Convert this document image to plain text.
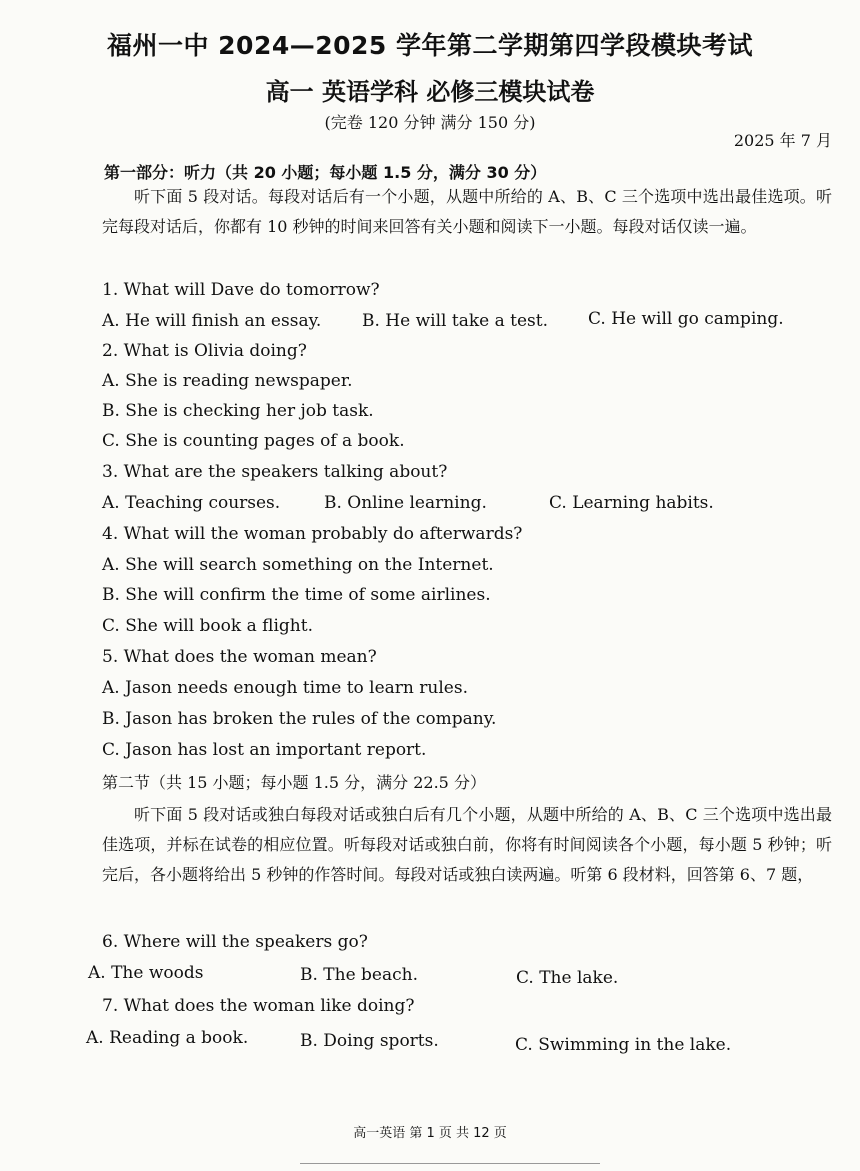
福州一中 2024—2025 学年第二学期第四学段模块考试
高一 英语学科 必修三模块试卷
(完卷 120 分钟 满分 150 分)
2025 年 7 月
第一部分：听力（共 20 小题；每小题 1.5 分，满分 30 分）
听下面 5 段对话。每段对话后有一个小题，从题中所给的 A、B、C 三个选项中选出最佳选项。听完每段对话后，你都有 10 秒钟的时间来回答有关小题和阅读下一小题。每段对话仅读一遍。
1. What will Dave do tomorrow?
A. He will finish an essay. B. He will take a test. C. He will go camping.
2. What is Olivia doing?
A. She is reading newspaper.
B. She is checking her job task.
C. She is counting pages of a book.
3. What are the speakers talking about?
A. Teaching courses.	B. Online learning.	C. Learning habits.
4. What will the woman probably do afterwards?
A. She will search something on the Internet.
B. She will confirm the time of some airlines.
C. She will book a flight.
5. What does the woman mean?
A. Jason needs enough time to learn rules.
B. Jason has broken the rules of the company.
C. Jason has lost an important report.
第二节（共 15 小题；每小题 1.5 分，满分 22.5 分）
听下面 5 段对话或独白每段对话或独白后有几个小题，从题中所给的 A、B、C 三个选项中选出最佳选项，并标在试卷的相应位置。听每段对话或独白前，你将有时间阅读各个小题，每小题 5 秒钟；听完后，各小题将给出 5 秒钟的作答时间。每段对话或独白读两遍。听第 6 段材料，回答第 6、7 题，
6. Where will the speakers go?
A. The woods	B. The beach.	C. The lake.
7. What does the woman like doing?
A. Reading a book.	B. Doing sports.	C. Swimming in the lake.
高一英语 第 1 页 共 12 页
